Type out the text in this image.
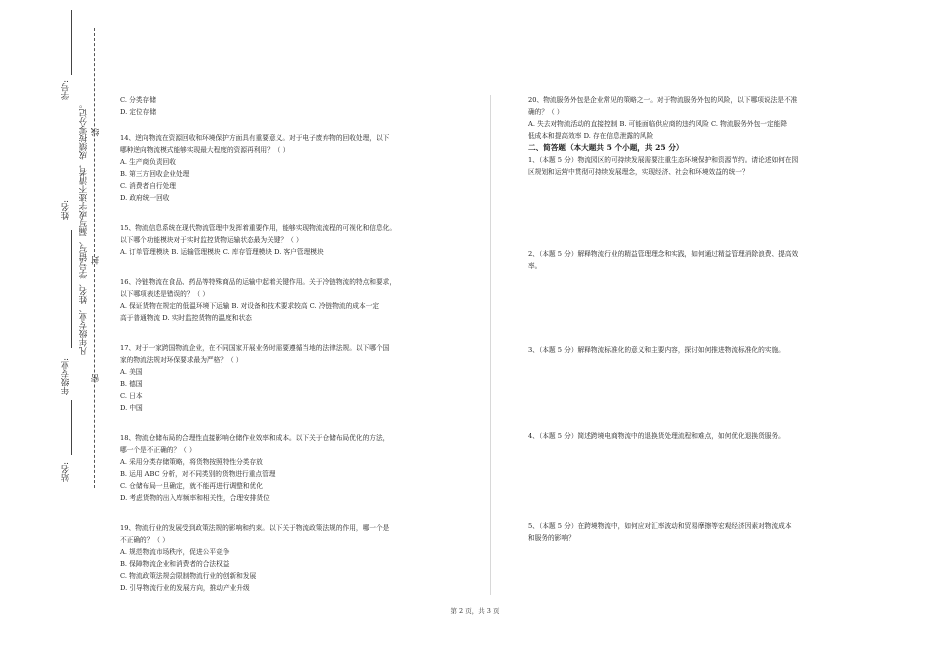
学号:
姓名:
年级专业:
站名:
凡年级专业、姓名、学号错写、漏写或字迹不清者，成绩按零分记。 线
封
密

C. 分类存储

D. 定位存储

14、逆向物流在资源回收和环境保护方面具有重要意义。对于电子废弃物的回收处理，以下

哪种逆向物流模式能够实现最大程度的资源再利用？（ ）

A. 生产商负责回收

B. 第三方回收企业处理

C. 消费者自行处理

D. 政府统一回收

15、物流信息系统在现代物流管理中发挥着重要作用，能够实现物流流程的可视化和信息化。

以下哪个功能模块对于实时监控货物运输状态最为关键？（ ）

A. 订单管理模块 B. 运输管理模块 C. 库存管理模块 D. 客户管理模块

16、冷链物流在食品、药品等特殊商品的运输中起着关键作用。关于冷链物流的特点和要求，

以下哪项表述是错误的？（ ）

A. 保证货物在规定的低温环境下运输 B. 对设备和技术要求较高 C. 冷链物流的成本一定

高于普通物流 D. 实时监控货物的温度和状态

17、对于一家跨国物流企业，在不同国家开展业务时需要遵循当地的法律法规。以下哪个国

家的物流法规对环保要求最为严格？（ ）

A. 美国

B. 德国

C. 日本

D. 中国

18、物流仓储布局的合理性直接影响仓储作业效率和成本。以下关于仓储布局优化的方法，

哪一个是不正确的？（ ）

A. 采用分类存储策略，将货物按照特性分类存放

B. 运用 ABC 分析，对不同类别的货物进行重点管理

C. 仓储布局一旦确定，就不能再进行调整和优化

D. 考虑货物的出入库频率和相关性，合理安排货位

19、物流行业的发展受到政策法规的影响和约束。以下关于物流政策法规的作用，哪一个是

不正确的？（ ）

A. 规范物流市场秩序，促进公平竞争

B. 保障物流企业和消费者的合法权益

C. 物流政策法规会限制物流行业的创新和发展

D. 引导物流行业的发展方向，推动产业升级

20、物流服务外包是企业常见的策略之一。对于物流服务外包的风险，以下哪项说法是不准

确的？（ ）

A. 失去对物流活动的直接控制 B. 可能面临供应商的违约风险 C. 物流服务外包一定能降

低成本和提高效率 D. 存在信息泄露的风险

二、简答题（本大题共 5 个小题，共 25 分）

1、（本题 5 分）物流园区的可持续发展需要注重生态环境保护和资源节约。请论述如何在园

区规划和运营中贯彻可持续发展理念，实现经济、社会和环境效益的统一？

2、（本题 5 分）解释物流行业的精益管理理念和实践，如何通过精益管理消除浪费、提高效

率。

3、（本题 5 分）解释物流标准化的意义和主要内容，探讨如何推进物流标准化的实施。

4、（本题 5 分）简述跨境电商物流中的退换货处理流程和难点，如何优化退换货服务。

5、（本题 5 分）在跨境物流中，如何应对汇率波动和贸易摩擦等宏观经济因素对物流成本

和服务的影响？

第 2 页，共 3 页
